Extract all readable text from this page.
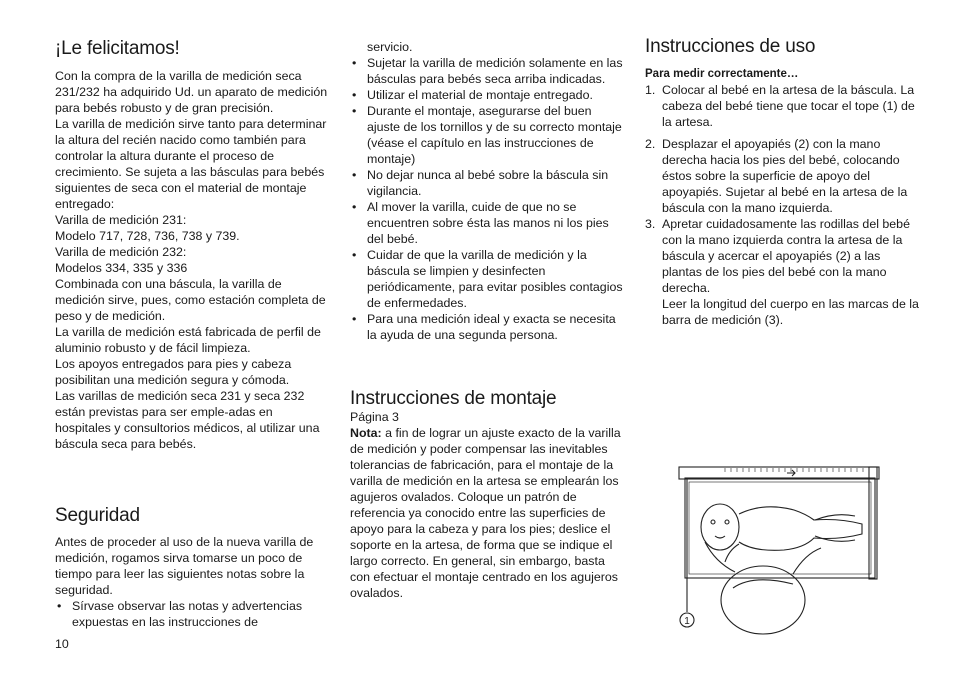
¡Le felicitamos!

Con la compra de la varilla de medición seca 231/232 ha adquirido Ud. un aparato de medición para bebés robusto y de gran precisión.

La varilla de medición sirve tanto para determinar la altura del recién nacido como también para controlar la altura durante el proceso de crecimiento. Se sujeta a las básculas para bebés siguientes de seca con el material de montaje entregado:

Varilla de medición 231:

Modelo 717, 728, 736, 738 y 739.

Varilla de medición 232:

Modelos 334, 335 y 336

Combinada con una báscula, la varilla de medición sirve, pues, como estación completa de peso y de medición.

La varilla de medición está fabricada de perfil de aluminio robusto y de fácil limpieza.

Los apoyos entregados para pies y cabeza posibilitan una medición segura y cómoda.

Las varillas de medición seca 231 y seca 232 están previstas para ser emple-adas en hospitales y consultorios médicos, al utilizar una báscula seca para bebés.

Seguridad

Antes de proceder al uso de la nueva varilla de medición, rogamos sirva tomarse un poco de tiempo para leer las siguientes notas sobre la seguridad.

• Sírvase observar las notas y advertencias expuestas en las instrucciones de

servicio.

• Sujetar la varilla de medición solamente en las básculas para bebés seca arriba indicadas.
• Utilizar el material de montaje entregado.
• Durante el montaje, asegurarse del buen ajuste de los tornillos y de su correcto montaje (véase el capítulo en las instrucciones de montaje)
• No dejar nunca al bebé sobre la báscula sin vigilancia.
• Al mover la varilla, cuide de que no se encuentren sobre ésta las manos ni los pies del bebé.
• Cuidar de que la varilla de medición y la báscula se limpien y desinfecten periódicamente, para evitar posibles contagios de enfermedades.
• Para una medición ideal y exacta se necesita la ayuda de una segunda persona.
Instrucciones de montaje

Página 3

Nota: a fin de lograr un ajuste exacto de la varilla de medición y poder compensar las inevitables tolerancias de fabricación, para el montaje de la varilla de medición en la artesa se emplearán los agujeros ovalados. Coloque un patrón de referencia ya conocido entre las superficies de apoyo para la cabeza y para los pies; deslice el soporte en la artesa, de forma que se indique el largo correcto. En general, sin embargo, basta con efectuar el montaje centrado en los agujeros ovalados.

Instrucciones de uso

Para medir correctamente…

1. Colocar al bebé en la artesa de la báscula. La cabeza del bebé tiene que tocar el tope (1) de la artesa.
2. Desplazar el apoyapiés (2) con la mano derecha hacia los pies del bebé, colocando éstos sobre la superficie de apoyo del apoyapiés. Sujetar al bebé en la artesa de la báscula con la mano izquierda.
3. Apretar cuidadosamente las rodillas del bebé con la mano izquierda contra la artesa de la báscula y acercar el apoyapiés (2) a las plantas de los pies del bebé con la mano derecha.
Leer la longitud del cuerpo en las marcas de la barra de medición (3).
1
10
